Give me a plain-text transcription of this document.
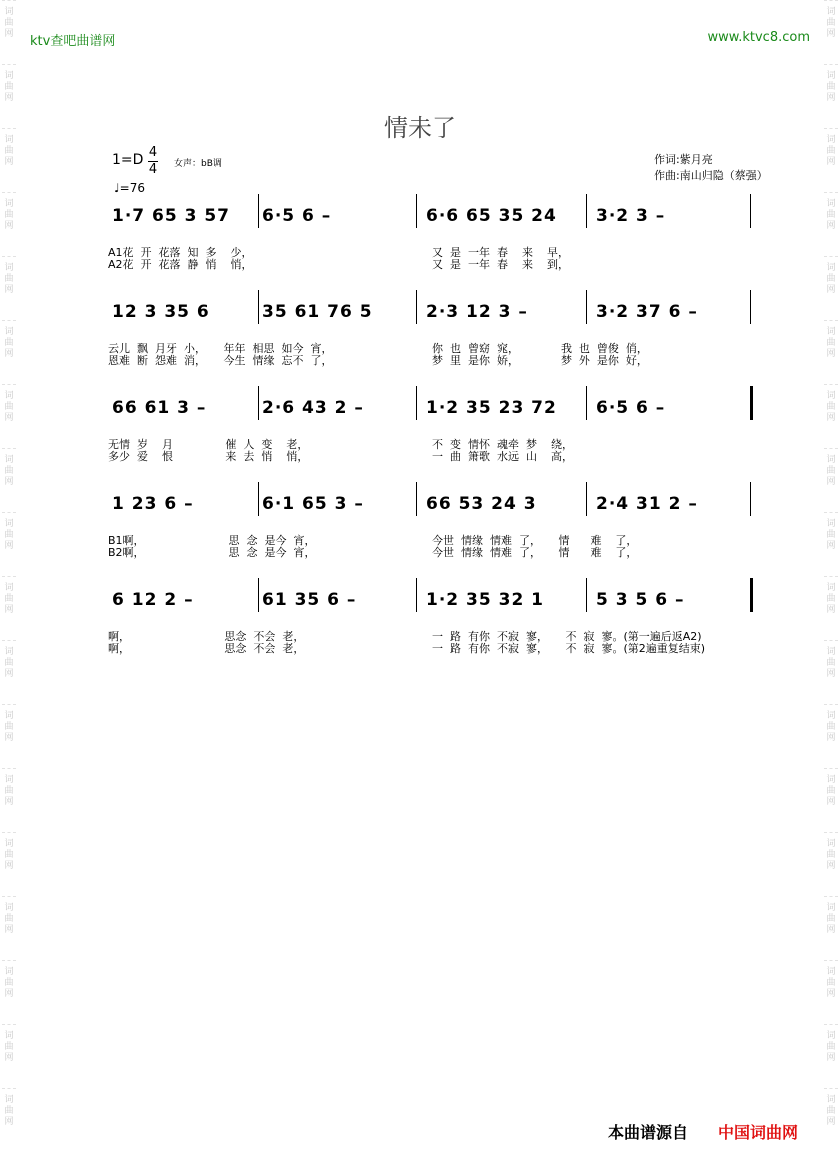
词
曲
网
词
曲
网
词
曲
网
词
曲
网
词
曲
网
词
曲
网
词
曲
网
词
曲
网
词
曲
网
词
曲
网
词
曲
网
词
曲
网
词
曲
网
词
曲
网
词
曲
网
词
曲
网
词
曲
网
词
曲
网
词
曲
网
词
曲
网
词
曲
网
词
曲
网
词
曲
网
词
曲
网
词
曲
网
词
曲
网
词
曲
网
词
曲
网
词
曲
网
词
曲
网
词
曲
网
词
曲
网
词
曲
网
词
曲
网
词
曲
网
词
曲
网
ktv查吧曲谱网	www.ktvc8.com
情未了
1=D 4
4 女声：bB调
♩=76
作词:紫月亮
作曲:南山归隐（蔡强）
1·7 65 3 57 6·5 6 –	6·6 65 35 24 3·2 3 –
A1花  开  花落  知  多    少，
A2花  开  花落  静  悄    悄，
又  是  一年  春    来    早，
又  是  一年  春    来    到，
12 3 35 6	35 61 76 5	2·3 12 3 –	3·2 37 6 –
云儿  飘  月牙  小，     年年  相思  如今  宵，
恩难  断  怨难  消，     今生  情缘  忘不  了，
你  也  曾窈  窕，            我  也  曾俊  俏，
梦  里  是你  娇，            梦  外  是你  好，
66 61 3 –	2·6 43 2 –	1·2 35 23 72 6·5 6 –
无情  岁    月               催  人  变    老，
多少  爱    恨               来  去  悄    悄，
不  变  情怀  魂牵  梦    绕，
一  曲  箫歌  水远  山    高，
1 23 6 –	6·1 65 3 –	66 53 24 3	2·4 31 2 –
B1啊，                        思  念  是今  宵，
B2啊，                        思  念  是今  宵，
今世  情缘  情难  了，     情      难    了，
今世  情缘  情难  了，     情      难    了，
6 12 2 –	61 35 6 –	1·2 35 32 1	5 3 5 6 –
啊，                           思念  不会  老，
啊，                           思念  不会  老，
一  路  有你  不寂  寥，     不  寂  寥。(第一遍后返A2)
一  路  有你  不寂  寥，     不  寂  寥。(第2遍重复结束)
本曲谱源自 中国词曲网
